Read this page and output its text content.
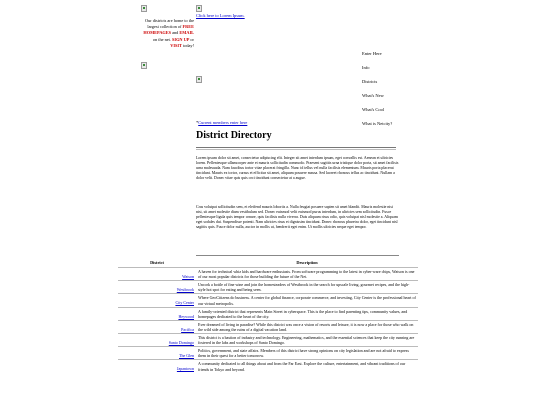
Our districts are home to the largest collection of FREE HOMEPAGES and EMAIL on the net. SIGN UP or VISIT today!
Click here to Lorem Ipsum.
Enter Here
Info
Districts
What's New
What's Cool
What is Netcity?
*Current members enter here
District Directory
Lorem ipsum dolor sit amet, consectetur adipiscing elit. Integer sit amet interdum ipsum, eget convallis est. Aenean et ultricies lorem. Pellentesque ullamcorper ante et mauris sollicitudin commodo. Praesent sagittis urna tristique dolor porta, sit amet facilisis urna malesuada. Nam faucibus tortor vitae placerat fringilla. Nunc id tellus vel nulla facilisis elementum. Mauris porta placerat tincidunt. Mauris ex tortor, cursus et efficitur sit amet, aliquam posuere massa. Sed laoreet rhoncus tellus ac tincidunt. Nullam a dolor velit. Donec vitae quis quis orci tincidunt consectetur at a augue.
Cras volutpat sollicitudin sem, et eleifend mauris lobortis a. Nulla feugiat posuere sapien sit amet blandit. Mauris molestie nisi nisi, sit amet molestie diam vestibulum sed. Donec euismod velit euismod purus interdum, in ultricies sem sollicitudin. Fusce pellentesque ligula quis tempor ornare, quis facilisis nulla viverra. Duis aliquam risus odio, quis volutpat nisl molestie a. Aliquam eget sodales dui. Suspendisse potenti. Nam ultricies risus et dignissim tincidunt. Donec rhoncus pharetra dolor, eget tincidunt nisl sagittis quis. Fusce dolor nulla, auctor in mollis ut, hendrerit eget enim. Ut mollis ultricies neque eget tempor.
District	Description
Watson	A haven for technical whiz kids and hardware enthusiasts. From software programming to the latest in cyber-ware chips, Watson is one of our most popular districts for those building the future of the Net.
Westbrook	Uncork a bottle of fine wine and join the homesteaders of Westbrook in the search for upscale living, gourmet recipes, and the high-style hot spot for eating and being seen.
City Center	Where GeoCitizens do business. A center for global finance, corporate commerce, and investing, City Center is the professional heart of our virtual metropolis.
Heywood	A family-oriented district that represents Main Street in cyberspace. This is the place to find parenting tips, community values, and homepages dedicated to the heart of the city.
Pacifica	Ever dreamed of living in paradise? While this district was once a vision of resorts and leisure, it is now a place for those who walk on the wild side among the ruins of a digital vacation land.
Santo Domingo	This district is a bastion of industry and technology. Engineering, mathematics, and the essential sciences that keep the city running are fostered in the labs and workshops of Santo Domingo.
The Glen	Politics, government, and state affairs. Members of this district have strong opinions on city legislation and are not afraid to express them in their quest for a better tomorrow.
Japantown	A community dedicated to all things about and from the Far East. Explore the culture, entertainment, and vibrant traditions of our friends in Tokyo and beyond.
